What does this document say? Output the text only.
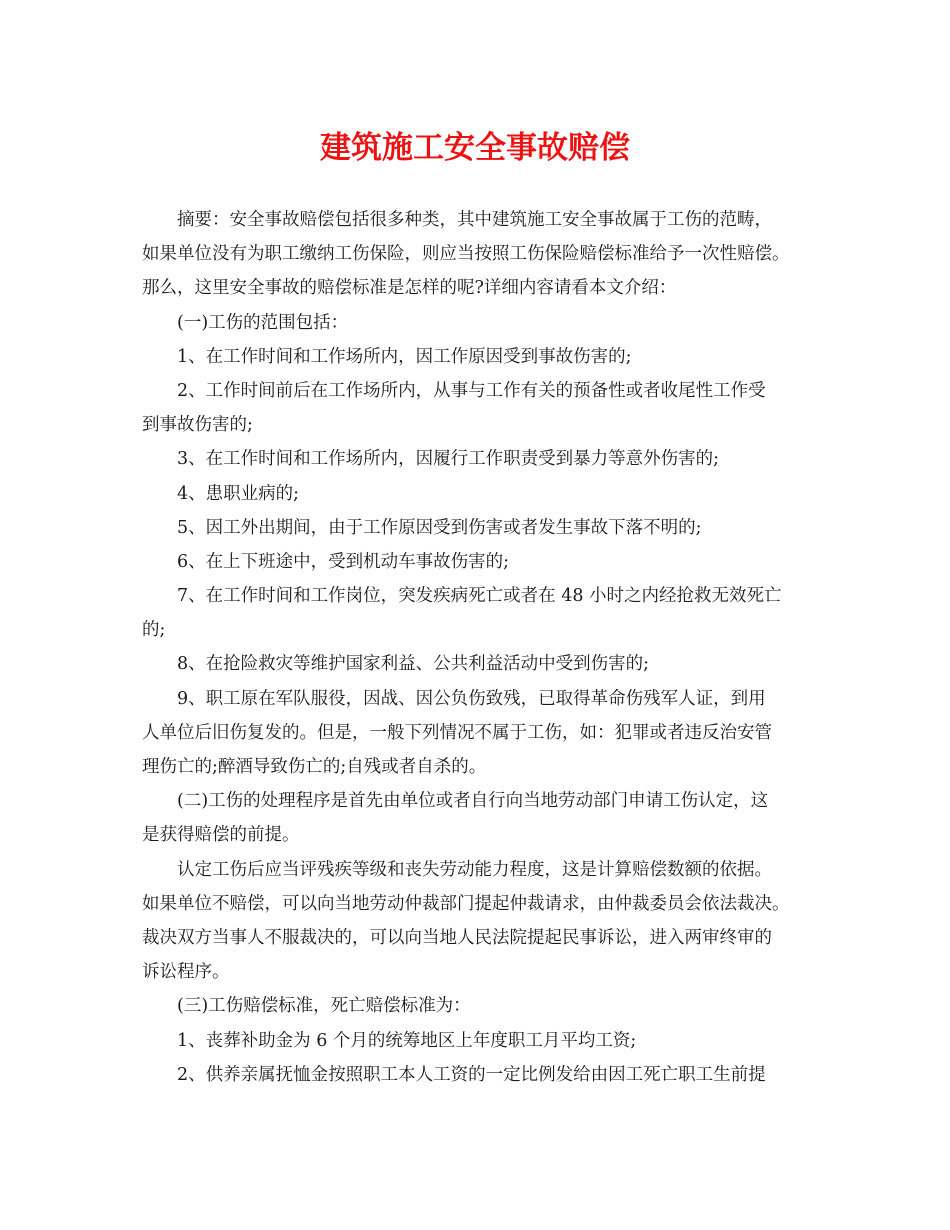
建筑施工安全事故赔偿
摘要：安全事故赔偿包括很多种类，其中建筑施工安全事故属于工伤的范畴，
如果单位没有为职工缴纳工伤保险，则应当按照工伤保险赔偿标准给予一次性赔偿。
那么，这里安全事故的赔偿标准是怎样的呢?详细内容请看本文介绍：
(一)工伤的范围包括：
1、在工作时间和工作场所内，因工作原因受到事故伤害的;
2、工作时间前后在工作场所内，从事与工作有关的预备性或者收尾性工作受
到事故伤害的;
3、在工作时间和工作场所内，因履行工作职责受到暴力等意外伤害的;
4、患职业病的;
5、因工外出期间，由于工作原因受到伤害或者发生事故下落不明的;
6、在上下班途中，受到机动车事故伤害的;
7、在工作时间和工作岗位，突发疾病死亡或者在 48 小时之内经抢救无效死亡
的;
8、在抢险救灾等维护国家利益、公共利益活动中受到伤害的;
9、职工原在军队服役，因战、因公负伤致残，已取得革命伤残军人证，到用
人单位后旧伤复发的。但是，一般下列情况不属于工伤，如：犯罪或者违反治安管
理伤亡的;醉酒导致伤亡的;自残或者自杀的。
(二)工伤的处理程序是首先由单位或者自行向当地劳动部门申请工伤认定，这
是获得赔偿的前提。
认定工伤后应当评残疾等级和丧失劳动能力程度，这是计算赔偿数额的依据。
如果单位不赔偿，可以向当地劳动仲裁部门提起仲裁请求，由仲裁委员会依法裁决。
裁决双方当事人不服裁决的，可以向当地人民法院提起民事诉讼，进入两审终审的
诉讼程序。
(三)工伤赔偿标准，死亡赔偿标准为：
1、丧葬补助金为 6 个月的统筹地区上年度职工月平均工资;
2、供养亲属抚恤金按照职工本人工资的一定比例发给由因工死亡职工生前提
